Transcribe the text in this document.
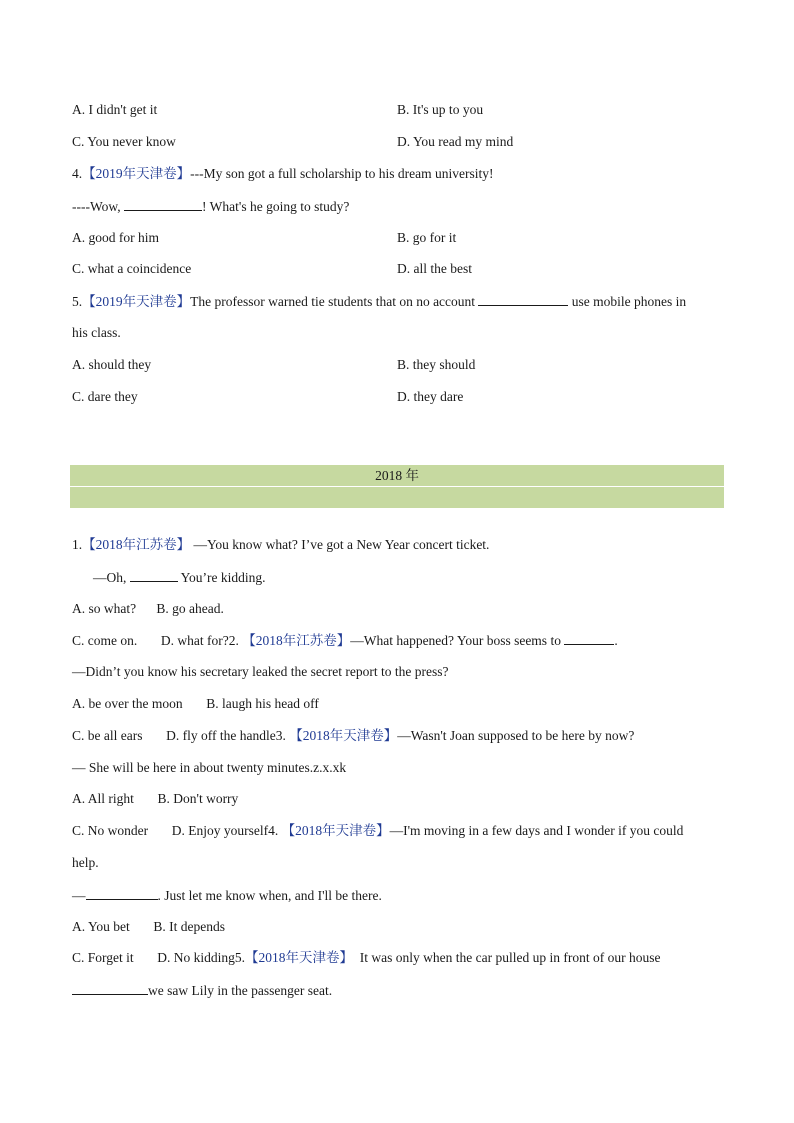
A. I didn't get it	B. It's up to you
C. You never know	D. You read my mind
4.【2019年天津卷】---My son got a full scholarship to his dream university!
----Wow,	! What's he going to study?
A. good for him	B. go for it
C. what a coincidence	D. all the best
5.【2019年天津卷】The professor warned tie students that on no account	use mobile phones in
his class.
A. should they	B. they should
C. dare they	D. they dare
2018 年
1.【2018年江苏卷】 —You know what? I’ve got a New Year concert ticket.
—Oh,	You’re kidding.
A. so what?      B. go ahead.
C. come on.       D. what for?2. 【2018年江苏卷】—What happened? Your boss seems to	.
—Didn’t you know his secretary leaked the secret report to the press?
A. be over the moon       B. laugh his head off
C. be all ears       D. fly off the handle3. 【2018年天津卷】—Wasn't Joan supposed to be here by now?
— She will be here in about twenty minutes.z.x.xk
A. All right       B. Don't worry
C. No wonder       D. Enjoy yourself4. 【2018年天津卷】—I'm moving in a few days and I wonder if you could
help.
—	. Just let me know when, and I'll be there.
A. You bet       B. It depends
C. Forget it       D. No kidding5.【2018年天津卷】  It was only when the car pulled up in front of our house
we saw Lily in the passenger seat.
